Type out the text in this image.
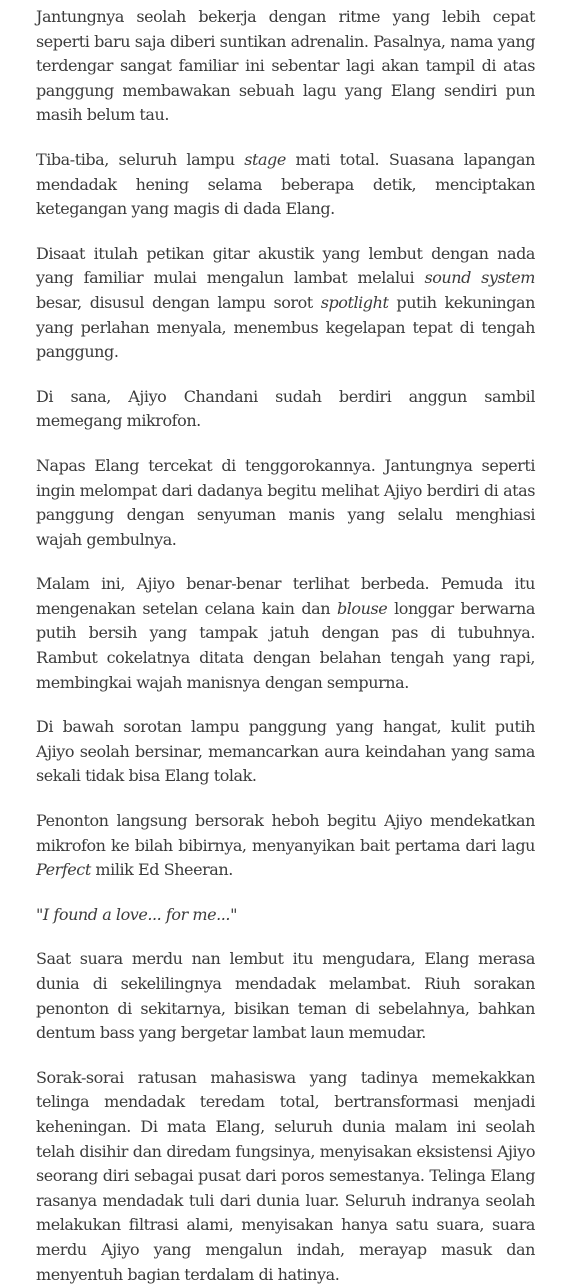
Jantungnya seolah bekerja dengan ritme yang lebih cepat seperti baru saja diberi suntikan adrenalin. Pasalnya, nama yang terdengar sangat familiar ini sebentar lagi akan tampil di atas panggung membawakan sebuah lagu yang Elang sendiri pun masih belum tau.

Tiba-tiba, seluruh lampu stage mati total. Suasana lapangan mendadak hening selama beberapa detik, menciptakan ketegangan yang magis di dada Elang.

Disaat itulah petikan gitar akustik yang lembut dengan nada yang familiar mulai mengalun lambat melalui sound system besar, disusul dengan lampu sorot spotlight putih kekuningan yang perlahan menyala, menembus kegelapan tepat di tengah panggung.

Di sana, Ajiyo Chandani sudah berdiri anggun sambil memegang mikrofon.

Napas Elang tercekat di tenggorokannya. Jantungnya seperti ingin melompat dari dadanya begitu melihat Ajiyo berdiri di atas panggung dengan senyuman manis yang selalu menghiasi wajah gembulnya.

Malam ini, Ajiyo benar-benar terlihat berbeda. Pemuda itu mengenakan setelan celana kain dan blouse longgar berwarna putih bersih yang tampak jatuh dengan pas di tubuhnya. Rambut cokelatnya ditata dengan belahan tengah yang rapi, membingkai wajah manisnya dengan sempurna.

Di bawah sorotan lampu panggung yang hangat, kulit putih Ajiyo seolah bersinar, memancarkan aura keindahan yang sama sekali tidak bisa Elang tolak.

Penonton langsung bersorak heboh begitu Ajiyo mendekatkan mikrofon ke bilah bibirnya, menyanyikan bait pertama dari lagu Perfect milik Ed Sheeran.

"I found a love... for me..."

Saat suara merdu nan lembut itu mengudara, Elang merasa dunia di sekelilingnya mendadak melambat. Riuh sorakan penonton di sekitarnya, bisikan teman di sebelahnya, bahkan dentum bass yang bergetar lambat laun memudar.

Sorak-sorai ratusan mahasiswa yang tadinya memekakkan telinga mendadak teredam total, bertransformasi menjadi keheningan. Di mata Elang, seluruh dunia malam ini seolah telah disihir dan diredam fungsinya, menyisakan eksistensi Ajiyo seorang diri sebagai pusat dari poros semestanya. Telinga Elang rasanya mendadak tuli dari dunia luar. Seluruh indranya seolah melakukan filtrasi alami, menyisakan hanya satu suara, suara merdu Ajiyo yang mengalun indah, merayap masuk dan menyentuh bagian terdalam di hatinya.
